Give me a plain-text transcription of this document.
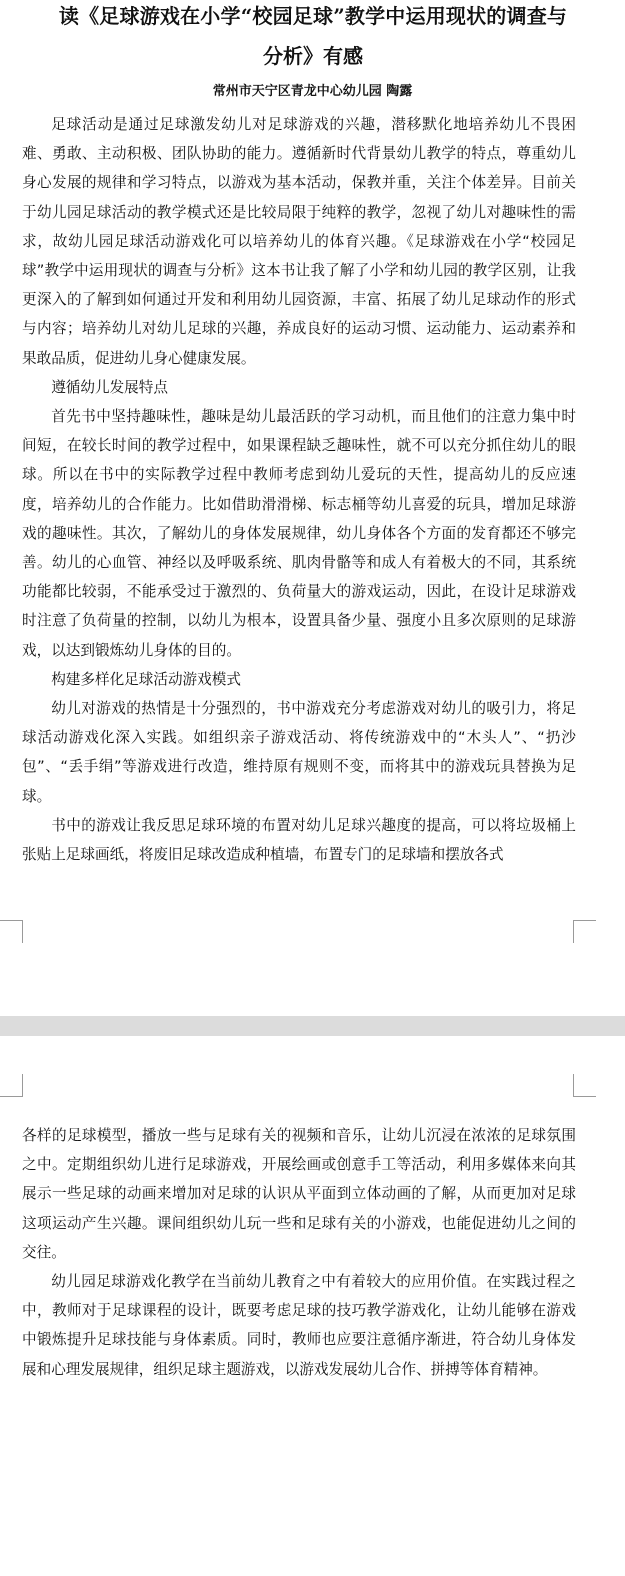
读《足球游戏在小学“校园足球”教学中运用现状的调查与
分析》有感
常州市天宁区青龙中心幼儿园 陶露

足球活动是通过足球激发幼儿对足球游戏的兴趣，潜移默化地培养幼儿不畏困难、勇敢、主动积极、团队协助的能力。遵循新时代背景幼儿教学的特点，尊重幼儿身心发展的规律和学习特点，以游戏为基本活动，保教并重，关注个体差异。目前关于幼儿园足球活动的教学模式还是比较局限于纯粹的教学，忽视了幼儿对趣味性的需求，故幼儿园足球活动游戏化可以培养幼儿的体育兴趣。《足球游戏在小学“校园足球”教学中运用现状的调查与分析》这本书让我了解了小学和幼儿园的教学区别，让我更深入的了解到如何通过开发和利用幼儿园资源，丰富、拓展了幼儿足球动作的形式与内容；培养幼儿对幼儿足球的兴趣，养成良好的运动习惯、运动能力、运动素养和果敢品质，促进幼儿身心健康发展。

遵循幼儿发展特点

首先书中坚持趣味性，趣味是幼儿最活跃的学习动机，而且他们的注意力集中时间短，在较长时间的教学过程中，如果课程缺乏趣味性，就不可以充分抓住幼儿的眼球。所以在书中的实际教学过程中教师考虑到幼儿爱玩的天性，提高幼儿的反应速度，培养幼儿的合作能力。比如借助滑滑梯、标志桶等幼儿喜爱的玩具，增加足球游戏的趣味性。其次，了解幼儿的身体发展规律，幼儿身体各个方面的发育都还不够完善。幼儿的心血管、神经以及呼吸系统、肌肉骨骼等和成人有着极大的不同，其系统功能都比较弱，不能承受过于激烈的、负荷量大的游戏运动，因此，在设计足球游戏时注意了负荷量的控制，以幼儿为根本，设置具备少量、强度小且多次原则的足球游戏，以达到锻炼幼儿身体的目的。

构建多样化足球活动游戏模式

幼儿对游戏的热情是十分强烈的，书中游戏充分考虑游戏对幼儿的吸引力，将足球活动游戏化深入实践。如组织亲子游戏活动、将传统游戏中的“木头人”、“扔沙包”、“丢手绢”等游戏进行改造，维持原有规则不变，而将其中的游戏玩具替换为足球。

书中的游戏让我反思足球环境的布置对幼儿足球兴趣度的提高，可以将垃圾桶上张贴上足球画纸，将废旧足球改造成种植墙，布置专门的足球墙和摆放各式

各样的足球模型，播放一些与足球有关的视频和音乐，让幼儿沉浸在浓浓的足球氛围之中。定期组织幼儿进行足球游戏，开展绘画或创意手工等活动，利用多媒体来向其展示一些足球的动画来增加对足球的认识从平面到立体动画的了解，从而更加对足球这项运动产生兴趣。课间组织幼儿玩一些和足球有关的小游戏，也能促进幼儿之间的交往。

幼儿园足球游戏化教学在当前幼儿教育之中有着较大的应用价值。在实践过程之中，教师对于足球课程的设计，既要考虑足球的技巧教学游戏化，让幼儿能够在游戏中锻炼提升足球技能与身体素质。同时，教师也应要注意循序渐进，符合幼儿身体发展和心理发展规律，组织足球主题游戏，以游戏发展幼儿合作、拼搏等体育精神。
